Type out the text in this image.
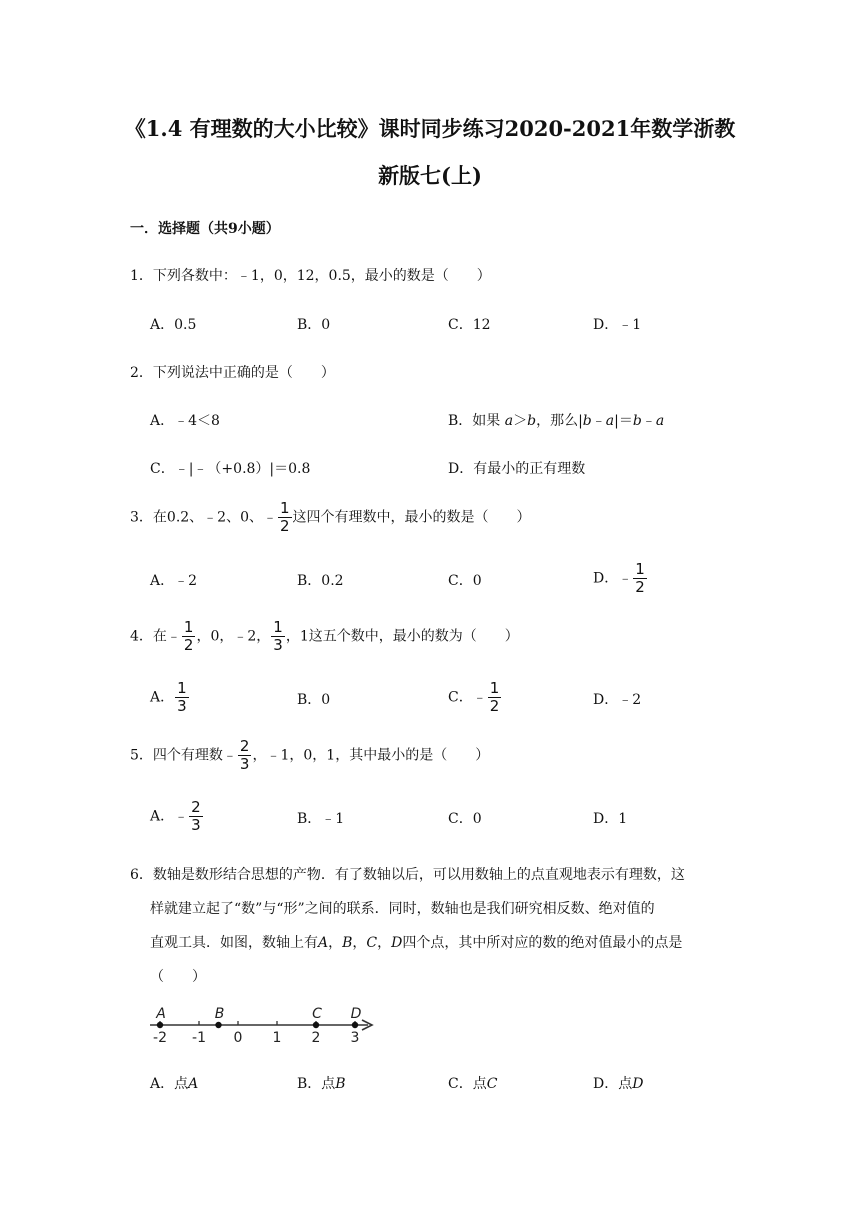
《1.4 有理数的大小比较》课时同步练习2020-2021年数学浙教
新版七(上)
一．选择题（共9小题）
1．下列各数中：﹣1，0，12，0.5，最小的数是（　　）
A．0.5	B．0	C．12	D．﹣1
2．下列说法中正确的是（　　）
A．﹣4＜8	B．如果 a＞b，那么|b﹣a|＝b﹣a
C．﹣|﹣（+0.8）|＝0.8	D．有最小的正有理数
3．在0.2、﹣2、0、﹣ $\frac{1}{2}$ 这四个有理数中，最小的数是（　　）
A．﹣2	B．0.2	C．0	D．﹣ $\frac{1}{2}$
4．在﹣ $\frac{1}{2}$ ，0，﹣2， $\frac{1}{3}$ ，1这五个数中，最小的数为（　　）
A． $\frac{1}{3}$	B．0	C．﹣ $\frac{1}{2}$	D．﹣2
5．四个有理数﹣ $\frac{2}{3}$ ，﹣1，0，1，其中最小的是（　　）
A．﹣ $\frac{2}{3}$	B．﹣1	C．0	D．1
6．数轴是数形结合思想的产物．有了数轴以后，可以用数轴上的点直观地表示有理数，这
样就建立起了“数”与“形”之间的联系．同时，数轴也是我们研究相反数、绝对值的
直观工具．如图，数轴上有A，B，C，D四个点，其中所对应的数的绝对值最小的点是
（　　）
-2 -1 0 1 2 3
A	B	C D
A．点A	B．点B	C．点C	D．点D
